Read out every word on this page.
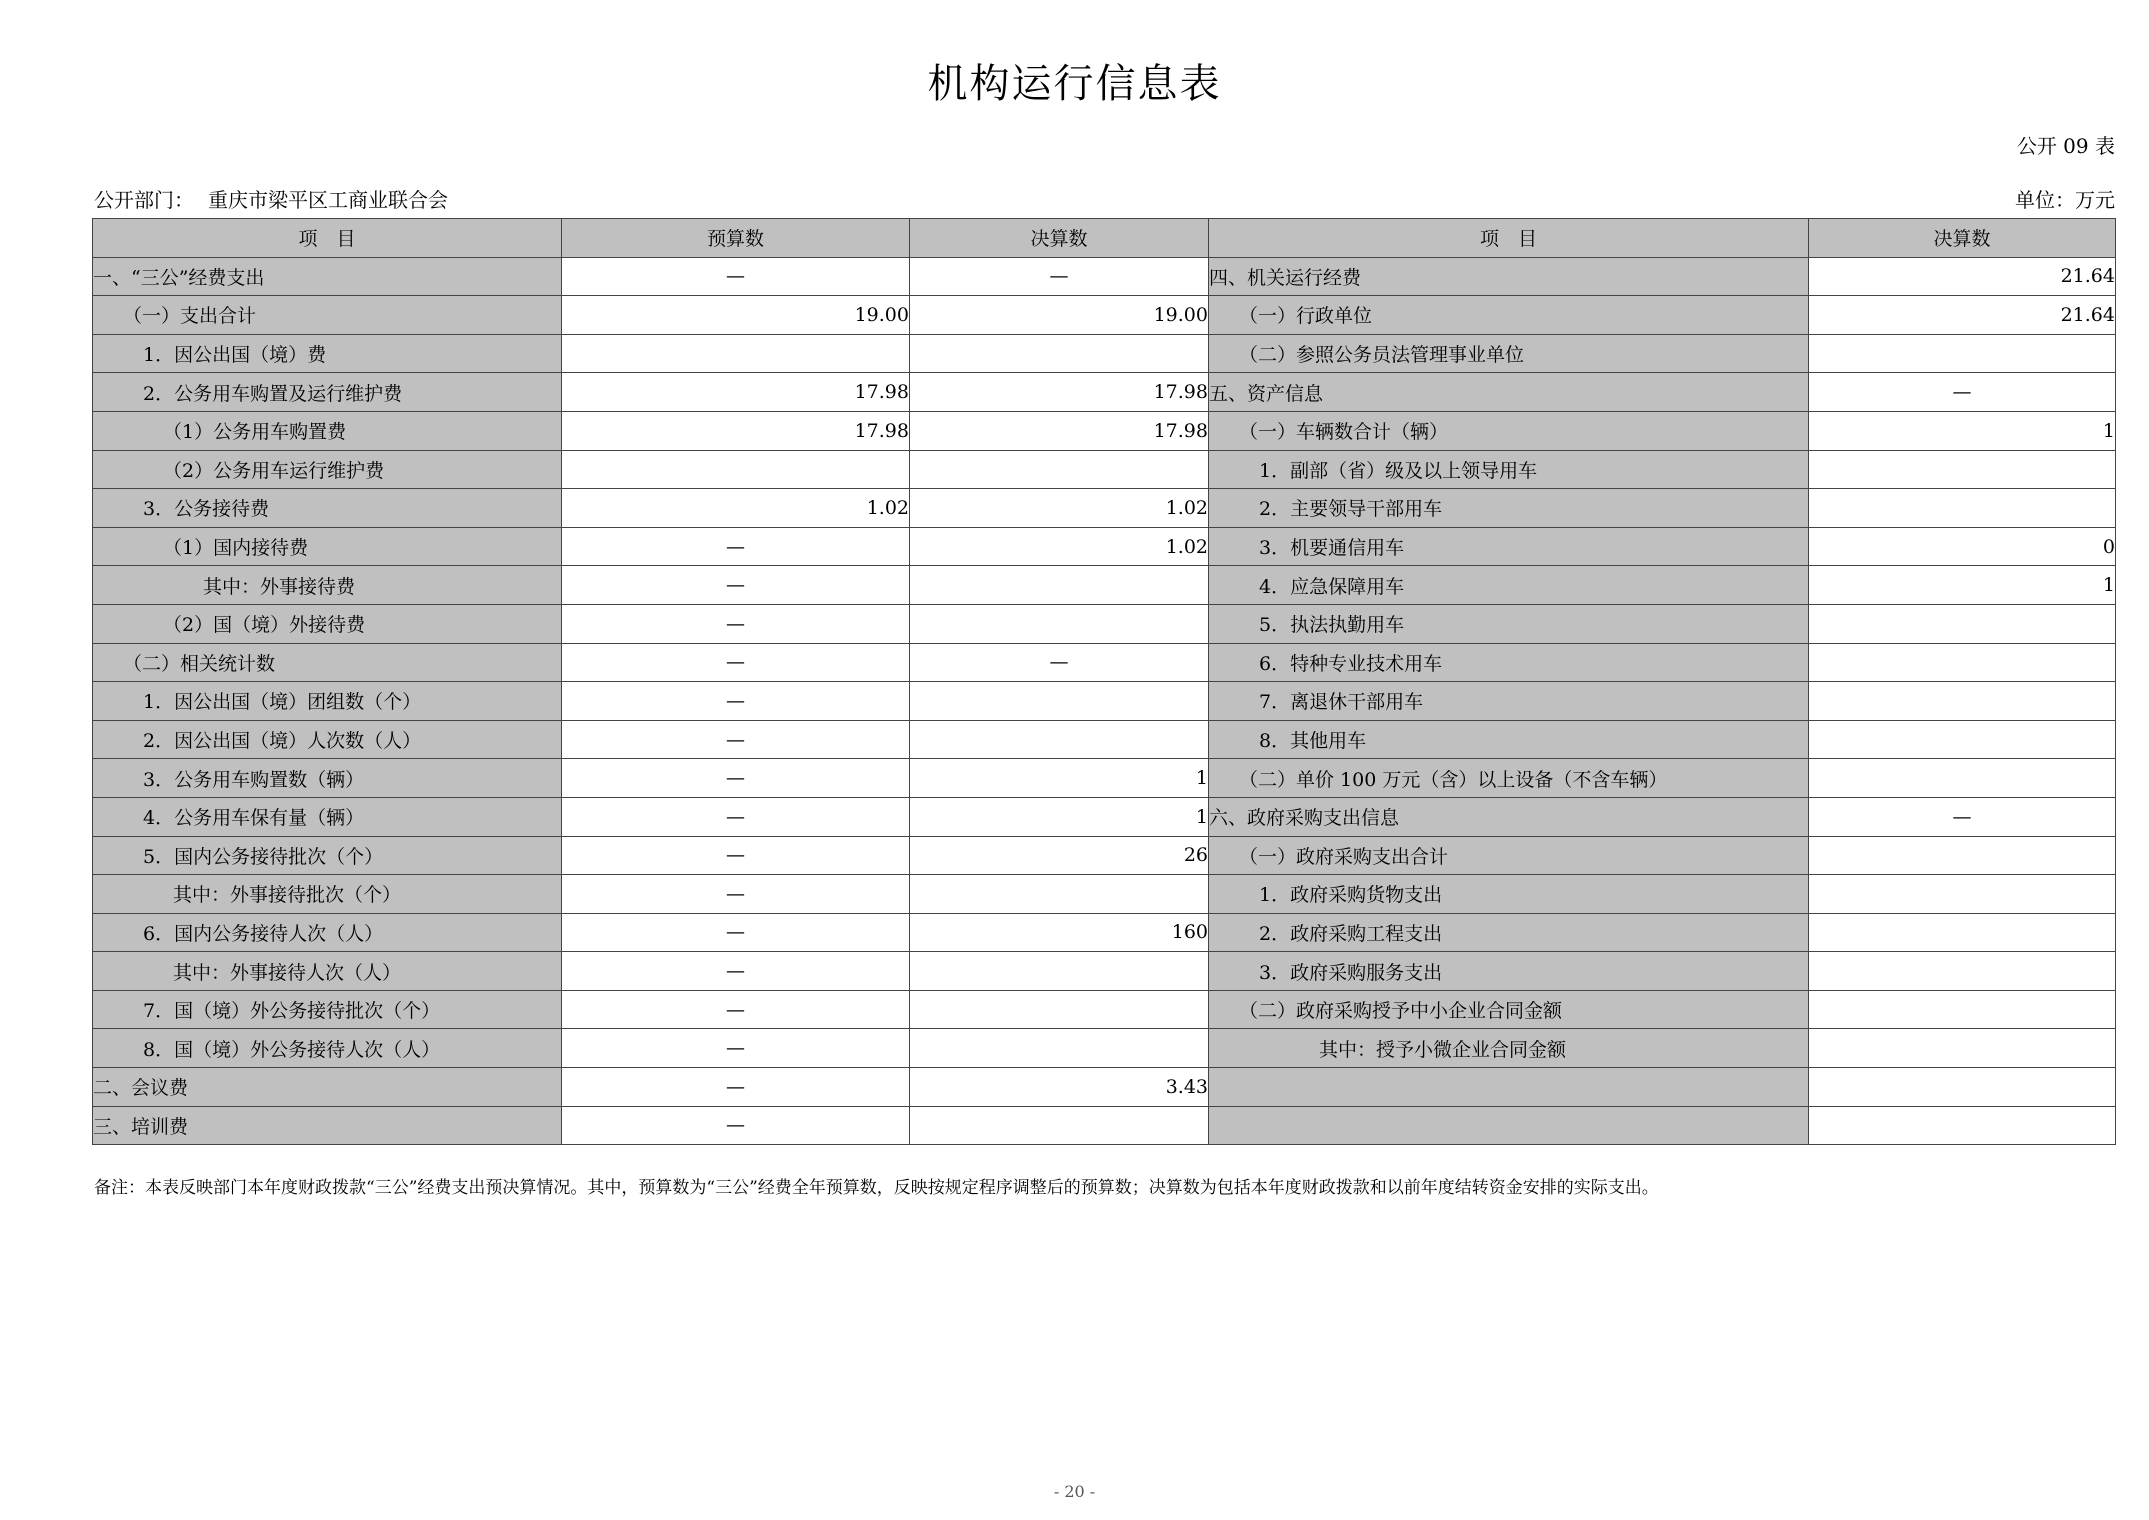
机构运行信息表
公开 09 表
公开部门： 重庆市梁平区工商业联合会	单位：万元
项　目	预算数	决算数	项　目	决算数
一、“三公”经费支出	—	—	四、机关运行经费	21.64
（一）支出合计	19.00	19.00	（一）行政单位	21.64
1．因公出国（境）费			（二）参照公务员法管理事业单位	
2．公务用车购置及运行维护费	17.98	17.98	五、资产信息	—
（1）公务用车购置费	17.98	17.98	（一）车辆数合计（辆）	1
（2）公务用车运行维护费			1．副部（省）级及以上领导用车	
3．公务接待费	1.02	1.02	2．主要领导干部用车	
（1）国内接待费	—	1.02	3．机要通信用车	0
其中：外事接待费	—		4．应急保障用车	1
（2）国（境）外接待费	—		5．执法执勤用车	
（二）相关统计数	—	—	6．特种专业技术用车	
1．因公出国（境）团组数（个）	—		7．离退休干部用车	
2．因公出国（境）人次数（人）	—		8．其他用车	
3．公务用车购置数（辆）	—	1	（二）单价 100 万元（含）以上设备（不含车辆）	
4．公务用车保有量（辆）	—	1	六、政府采购支出信息	—
5．国内公务接待批次（个）	—	26	（一）政府采购支出合计	
其中：外事接待批次（个）	—		1．政府采购货物支出	
6．国内公务接待人次（人）	—	160	2．政府采购工程支出	
其中：外事接待人次（人）	—		3．政府采购服务支出	
7．国（境）外公务接待批次（个）	—		（二）政府采购授予中小企业合同金额	
8．国（境）外公务接待人次（人）	—		其中：授予小微企业合同金额	
二、会议费	—	3.43		
三、培训费	—			
备注：本表反映部门本年度财政拨款“三公”经费支出预决算情况。其中，预算数为“三公”经费全年预算数，反映按规定程序调整后的预算数；决算数为包括本年度财政拨款和以前年度结转资金安排的实际支出。
- 20 -
